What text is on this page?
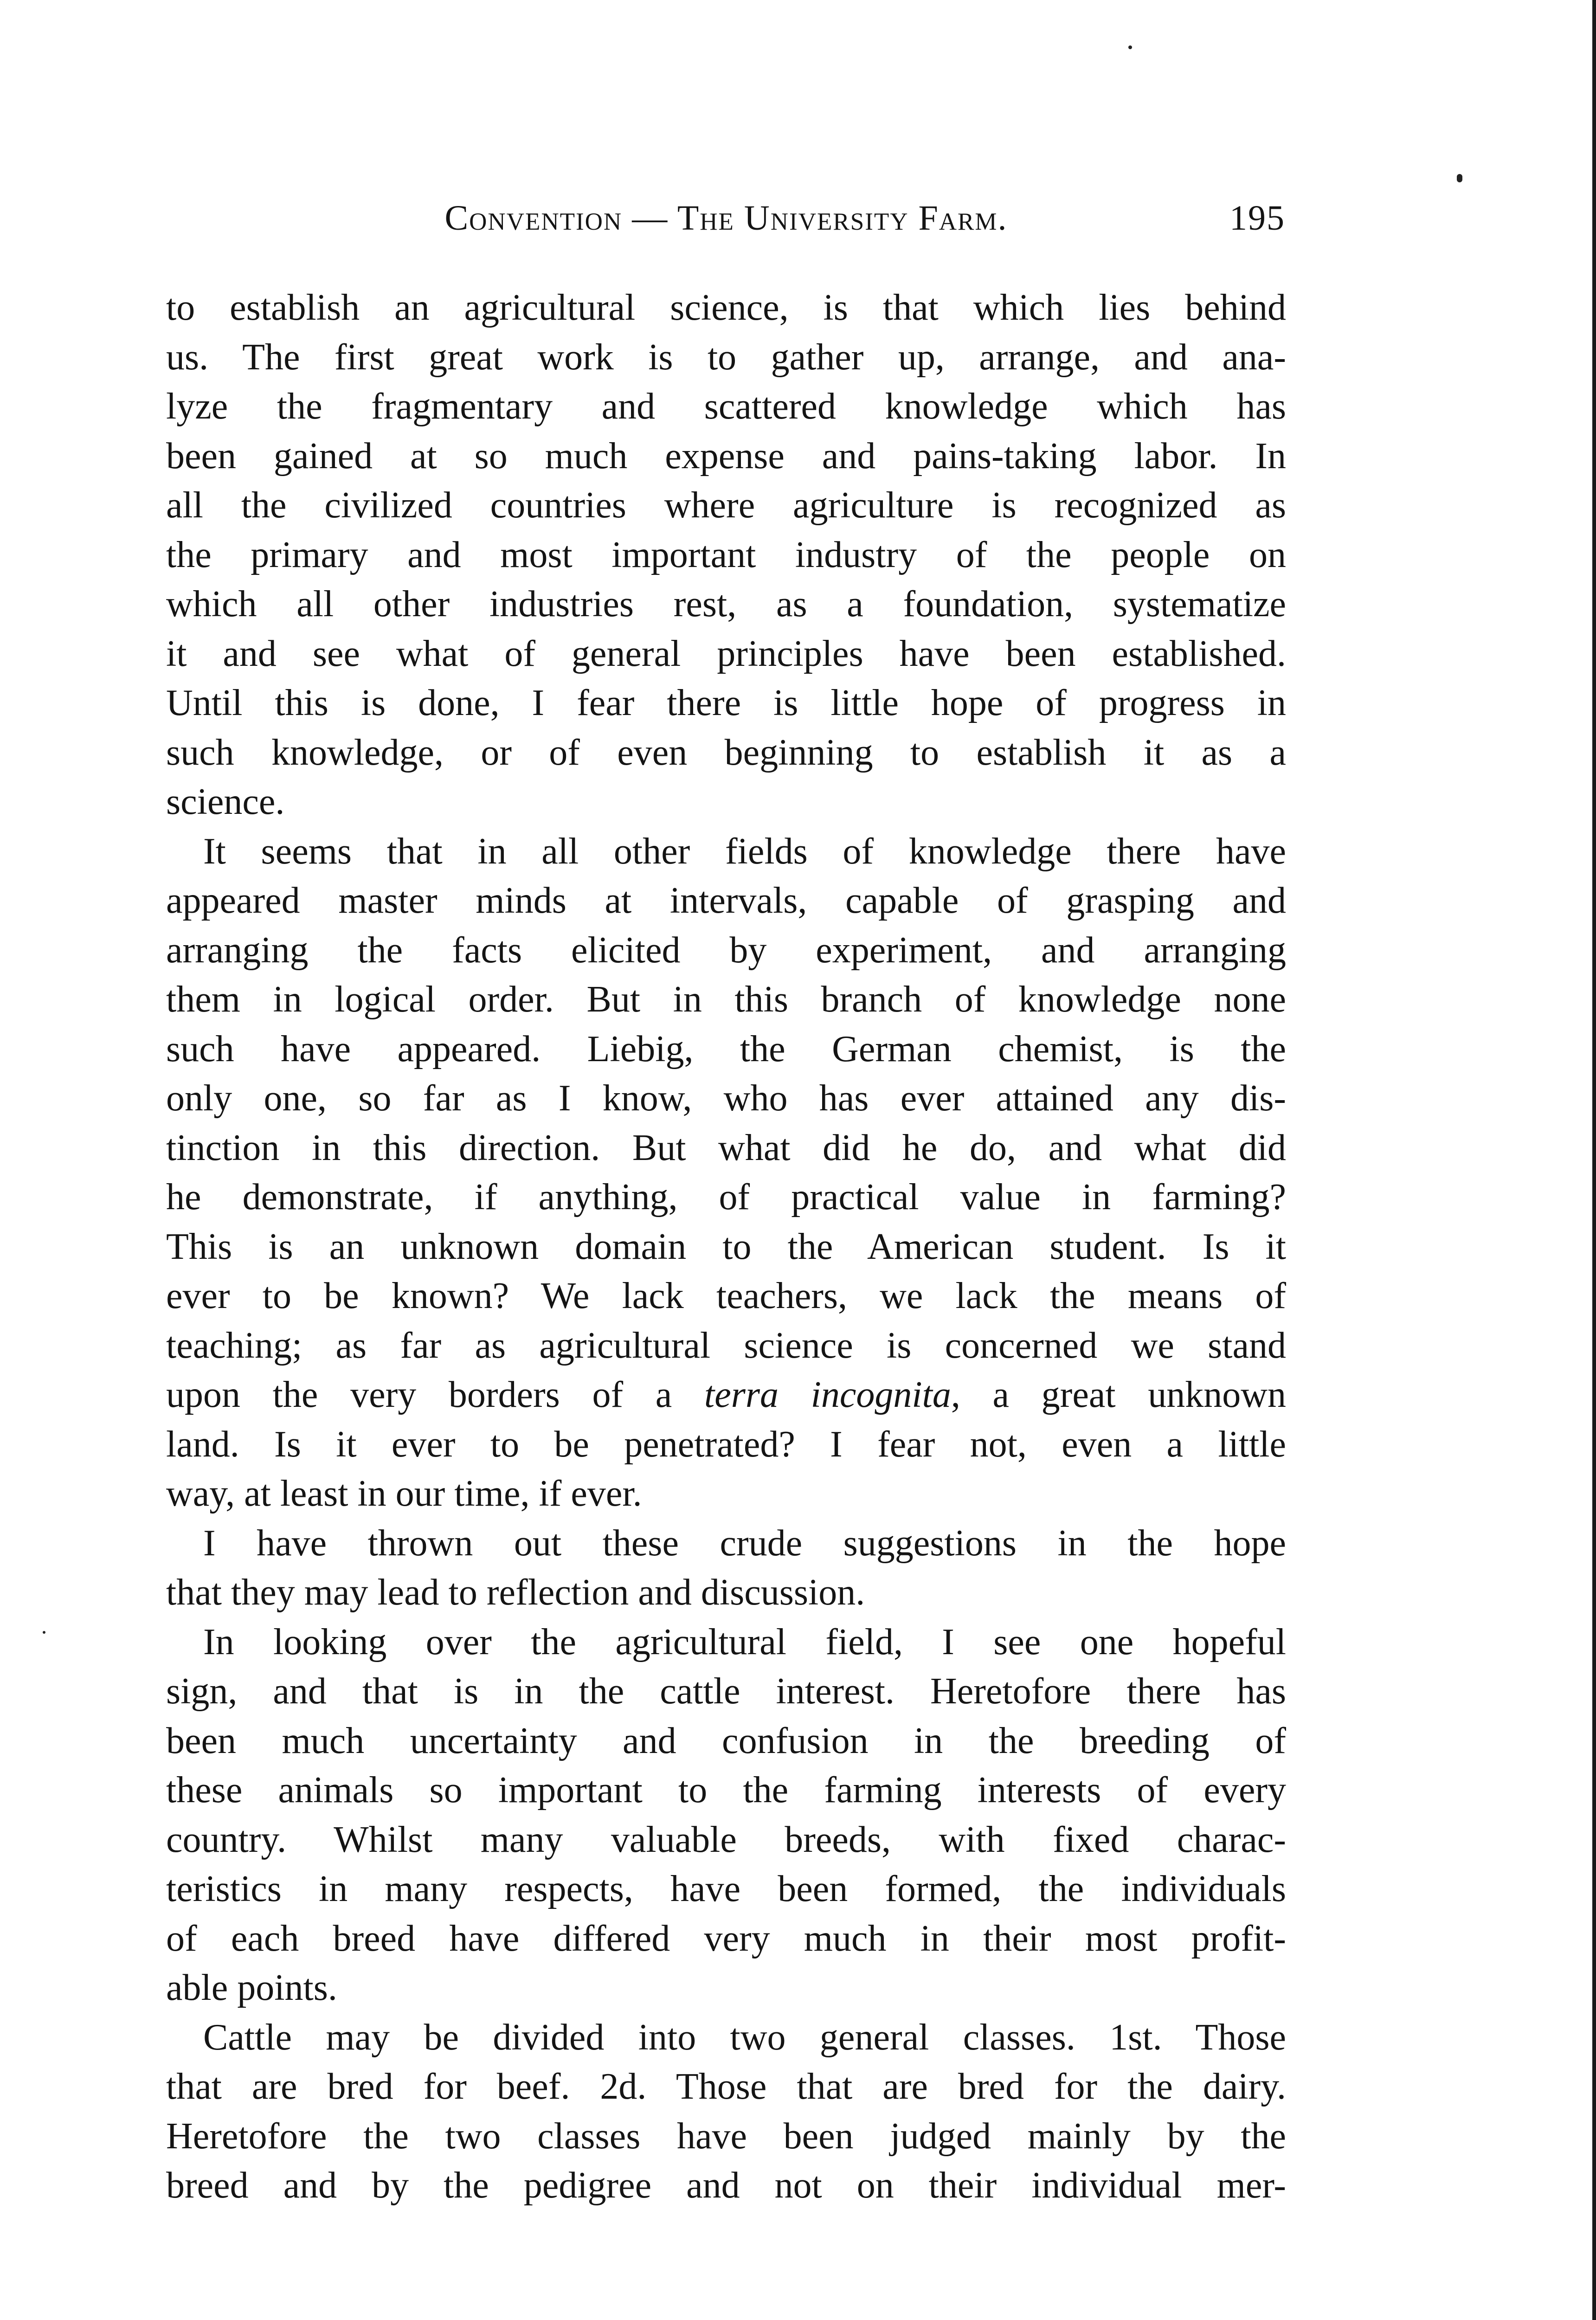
Convention — The University Farm.	195
to establish an agricultural science, is that which lies behind
us. The first great work is to gather up, arrange, and ana-
lyze the fragmentary and scattered knowledge which has
been gained at so much expense and pains-taking labor. In
all the civilized countries where agriculture is recognized as
the primary and most important industry of the people on
which all other industries rest, as a foundation, systematize
it and see what of general principles have been established.
Until this is done, I fear there is little hope of progress in
such knowledge, or of even beginning to establish it as a
science.
It seems that in all other fields of knowledge there have
appeared master minds at intervals, capable of grasping and
arranging the facts elicited by experiment, and arranging
them in logical order. But in this branch of knowledge none
such have appeared. Liebig, the German chemist, is the
only one, so far as I know, who has ever attained any dis-
tinction in this direction. But what did he do, and what did
he demonstrate, if anything, of practical value in farming?
This is an unknown domain to the American student. Is it
ever to be known? We lack teachers, we lack the means of
teaching; as far as agricultural science is concerned we stand
upon the very borders of a terra incognita, a great unknown
land. Is it ever to be penetrated? I fear not, even a little
way, at least in our time, if ever.
I have thrown out these crude suggestions in the hope
that they may lead to reflection and discussion.
In looking over the agricultural field, I see one hopeful
sign, and that is in the cattle interest. Heretofore there has
been much uncertainty and confusion in the breeding of
these animals so important to the farming interests of every
country. Whilst many valuable breeds, with fixed charac-
teristics in many respects, have been formed, the individuals
of each breed have differed very much in their most profit-
able points.
Cattle may be divided into two general classes. 1st. Those
that are bred for beef. 2d. Those that are bred for the dairy.
Heretofore the two classes have been judged mainly by the
breed and by the pedigree and not on their individual mer-
